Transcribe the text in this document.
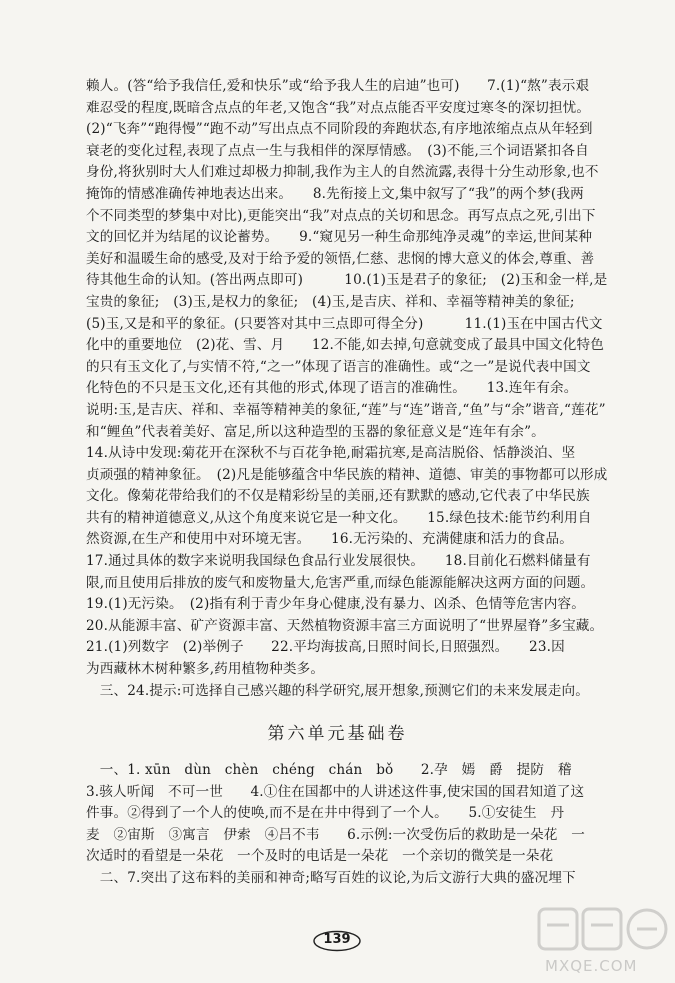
赖人。(答“给予我信任,爱和快乐”或“给予我人生的启迪”也可)　　7.(1)“熬”表示艰
难忍受的程度,既暗含点点的年老,又饱含“我”对点点能否平安度过寒冬的深切担忧。
(2)“飞奔”“跑得慢”“跑不动”写出点点不同阶段的奔跑状态,有序地浓缩点点从年轻到
衰老的变化过程,表现了点点一生与我相伴的深厚情感。　(3)不能,三个词语紧扣各自
身份,将狄别时大人们难过却极力抑制,我作为主人的自然流露,表得十分生动形象,也不
掩饰的情感准确传神地表达出来。　　8.先衔接上文,集中叙写了“我”的两个梦(我两
个不同类型的梦集中对比),更能突出“我”对点点的关切和思念。再写点点之死,引出下
文的回忆并为结尾的议论蓄势。　　9.“窥见另一种生命那纯净灵魂”的幸运,世间某种
美好和温暖生命的感受,及对于给予爱的领悟,仁慈、悲悯的博大意义的体会,尊重、善
待其他生命的认知。(答出两点即可)　　　10.(1)玉是君子的象征;　(2)玉和金一样,是
宝贵的象征;　(3)玉,是权力的象征;　(4)玉,是吉庆、祥和、幸福等精神美的象征;
(5)玉,又是和平的象征。(只要答对其中三点即可得全分)　　　11.(1)玉在中国古代文
化中的重要地位　(2)花、雪、月　　12.不能,如去掉,句意就变成了最具中国文化特色
的只有玉文化了,与实情不符,“之一”体现了语言的准确性。或“之一”是说代表中国文
化特色的不只是玉文化,还有其他的形式,体现了语言的准确性。　　13.连年有余。
说明:玉,是吉庆、祥和、幸福等精神美的象征,“莲”与“连”谐音,“鱼”与“余”谐音,“莲花”
和“鲤鱼”代表着美好、富足,所以这种造型的玉器的象征意义是“连年有余”。
14.从诗中发现:菊花开在深秋不与百花争艳,耐霜抗寒,是高洁脱俗、恬静淡泊、坚
贞顽强的精神象征。　(2)凡是能够蕴含中华民族的精神、道德、审美的事物都可以形成
文化。像菊花带给我们的不仅是精彩纷呈的美丽,还有默默的感动,它代表了中华民族
共有的精神道德意义,从这个角度来说它是一种文化。　　15.绿色技术:能节约利用自
然资源,在生产和使用中对环境无害。　　16.无污染的、充满健康和活力的食品。
17.通过具体的数字来说明我国绿色食品行业发展很快。　　18.目前化石燃料储量有
限,而且使用后排放的废气和废物量大,危害严重,而绿色能源能解决这两方面的问题。
19.(1)无污染。　(2)指有利于青少年身心健康,没有暴力、凶杀、色情等危害内容。
20.从能源丰富、矿产资源丰富、天然植物资源丰富三方面说明了“世界屋脊”多宝藏。
21.(1)列数字　(2)举例子　　22.平均海拔高,日照时间长,日照强烈。　　23.因
为西藏林木树种繁多,药用植物种类多。
　三、24.提示:可选择自己感兴趣的科学研究,展开想象,预测它们的未来发展走向。
第六单元基础卷
　一、1. xūn　dùn　chèn　chéng　chán　bǒ　　2.孕　嫣　爵　提防　稽
3.骇人听闻　不可一世　　4.①住在国都中的人讲述这件事,使宋国的国君知道了这
件事。②得到了一个人的使唤,而不是在井中得到了一个人。　　5.①安徒生　丹
麦　②宙斯　③寓言　伊索　④吕不韦　　6.示例:一次受伤后的救助是一朵花　一
次适时的看望是一朵花　一个及时的电话是一朵花　一个亲切的微笑是一朵花
　二、7.突出了这布料的美丽和神奇;略写百姓的议论,为后文游行大典的盛况埋下
139
MXQE.COM
